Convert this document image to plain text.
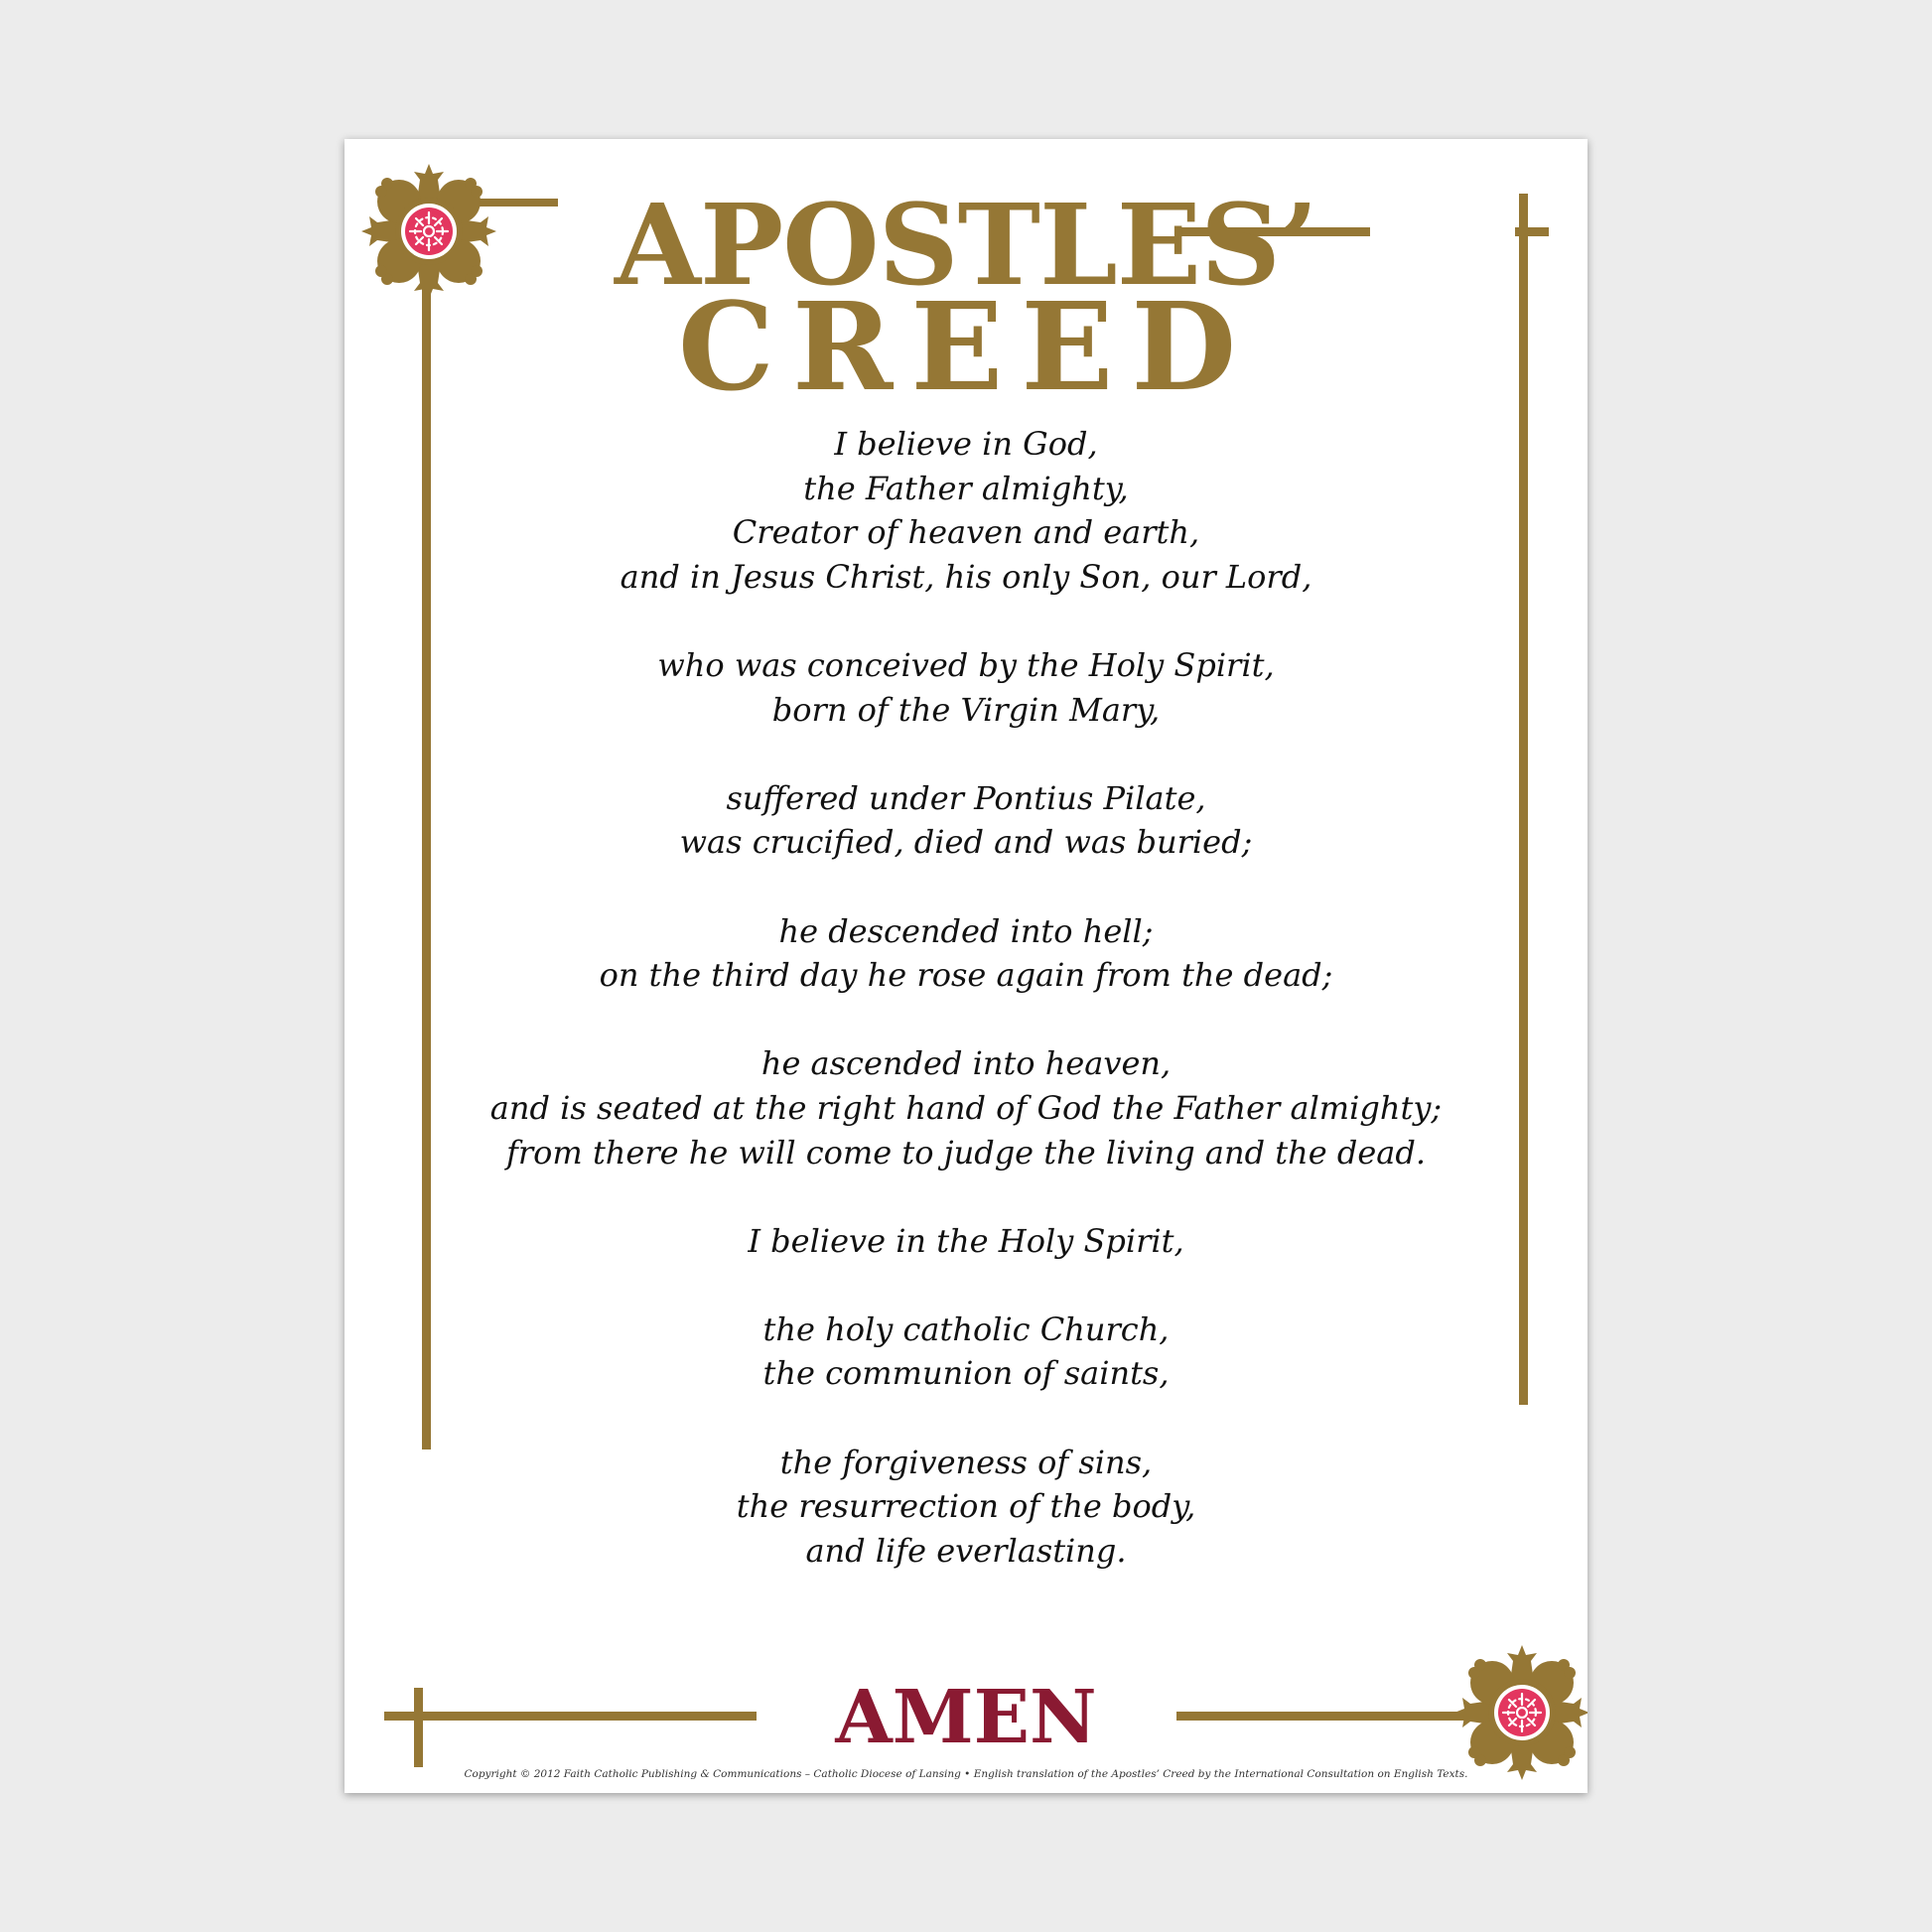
APOSTLES’
CREED

I believe in God,
the Father almighty,
Creator of heaven and earth,
and in Jesus Christ, his only Son, our Lord,

who was conceived by the Holy Spirit,
born of the Virgin Mary,

suffered under Pontius Pilate,
was crucified, died and was buried;

he descended into hell;
on the third day he rose again from the dead;

he ascended into heaven,
and is seated at the right hand of God the Father almighty;
from there he will come to judge the living and the dead.

I believe in the Holy Spirit,

the holy catholic Church,
the communion of saints,

the forgiveness of sins,
the resurrection of the body,
and life everlasting.

AMEN
Copyright © 2012 Faith Catholic Publishing & Communications – Catholic Diocese of Lansing • English translation of the Apostles’ Creed by the International Consultation on English Texts.
